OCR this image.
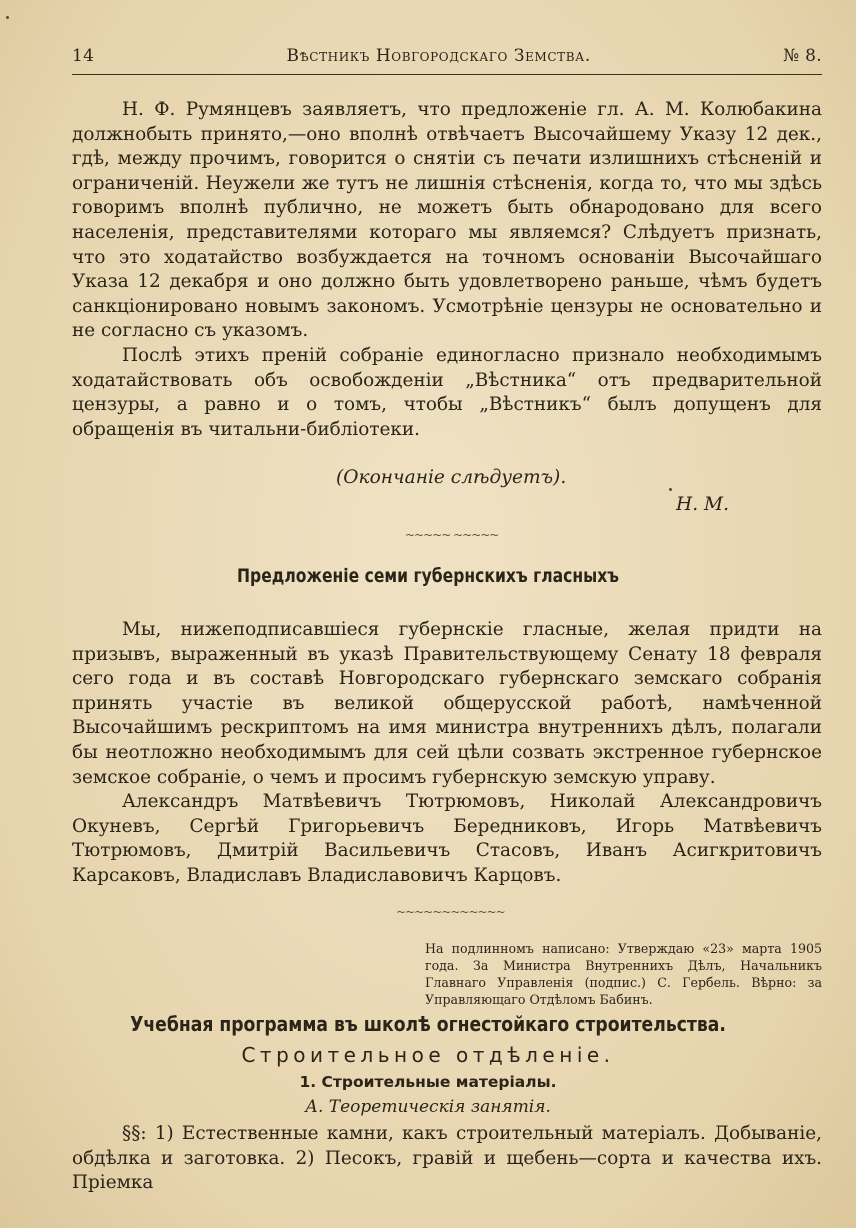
14	Вѣстникъ Новгородскаго Земства.	№ 8.

Н. Ф. Румянцевъ заявляетъ, что предложеніе гл. А. М. Колюбакина должнобыть принято,—оно вполнѣ отвѣчаетъ Высочайшему Указу 12 дек., гдѣ, между прочимъ, говорится о снятіи съ печати излишнихъ стѣсненій и ограниченій. Неужели же тутъ не лишнія стѣсненія, когда то, что мы здѣсь говоримъ вполнѣ публично, не можетъ быть обнародовано для всего населенія, представителями котораго мы являемся? Слѣдуетъ признать, что это ходатайство возбуждается на точномъ основаніи Высочайшаго Указа 12 декабря и оно должно быть удовлетворено раньше, чѣмъ будетъ санкціонировано новымъ закономъ. Усмотрѣніе цензуры не основательно и не согласно съ указомъ.

Послѣ этихъ преній собраніе единогласно признало необходимымъ ходатайствовать объ освобожденіи „Вѣстника“ отъ предварительной цензуры, а равно и о томъ, чтобы „Вѣстникъ“ былъ допущенъ для обращенія въ читальни-библіотеки.

(Окончаніе слѣдуетъ).
Н. М.
~~~~~ ~~~~~
Предложеніе семи губернскихъ гласныхъ

Мы, нижеподписавшіеся губернскіе гласные, желая придти на призывъ, выраженный въ указѣ Правительствующему Сенату 18 февраля сего года и въ составѣ Новгородскаго губернскаго земскаго собранія принять участіе въ великой общерусской работѣ, намѣченной Высочайшимъ рескриптомъ на имя министра внутреннихъ дѣлъ, полагали бы неотложно необходимымъ для сей цѣли созвать экстренное губернское земское собраніе, о чемъ и просимъ губернскую земскую управу.

Александръ Матвѣевичъ Тютрюмовъ, Николай Александровичъ Окуневъ, Сергѣй Григорьевичъ Бередниковъ, Игорь Матвѣевичъ Тютрюмовъ, Дмитрій Васильевичъ Стасовъ, Иванъ Асигкритовичъ Карсаковъ, Владиславъ Владиславовичъ Карцовъ.

~~~~~~~~~~~~

На подлинномъ написано: Утверждаю «23» марта 1905 года. За Министра Внутреннихъ Дѣлъ, Начальникъ Главнаго Управленія (подпис.) С. Гербель. Вѣрно: за Управляющаго Отдѣломъ Бабинъ.

Учебная программа въ школѣ огнестойкаго строительства.
Строительное отдѣленіе.
1. Строительные матеріалы.
А. Теоретическія занятія.

§§: 1) Естественные камни, какъ строительный матеріалъ. Добываніе, обдѣлка и заготовка. 2) Песокъ, гравій и щебень—сорта и качества ихъ. Пріемка
